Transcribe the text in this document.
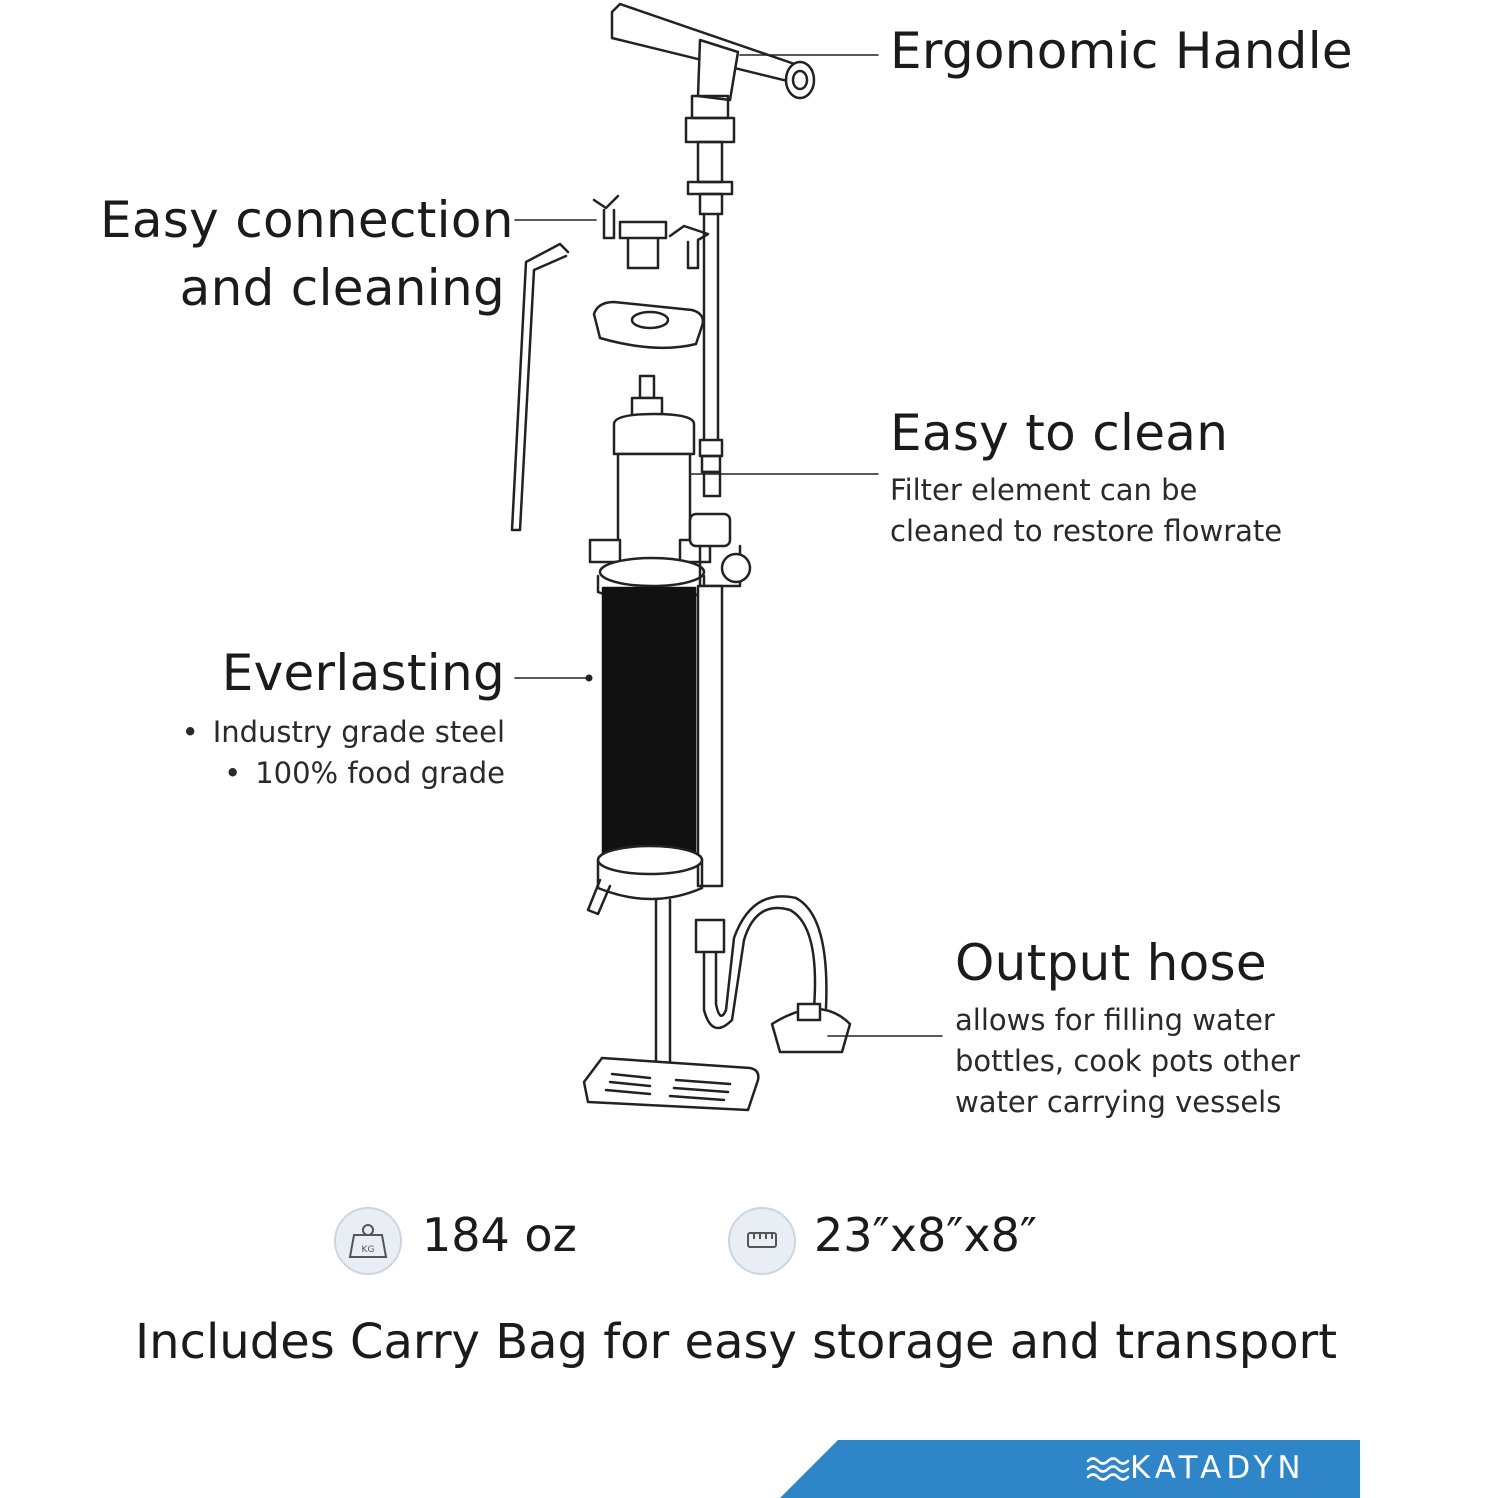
Ergonomic Handle
Easy connection
and cleaning
Easy to clean
Filter element can be
cleaned to restore flowrate
Everlasting
• Industry grade steel
• 100% food grade
Output hose
allows for filling water
bottles, cook pots other
water carrying vessels
KG 184 oz	23″x8″x8″
Includes Carry Bag for easy storage and transport
KATADYN
